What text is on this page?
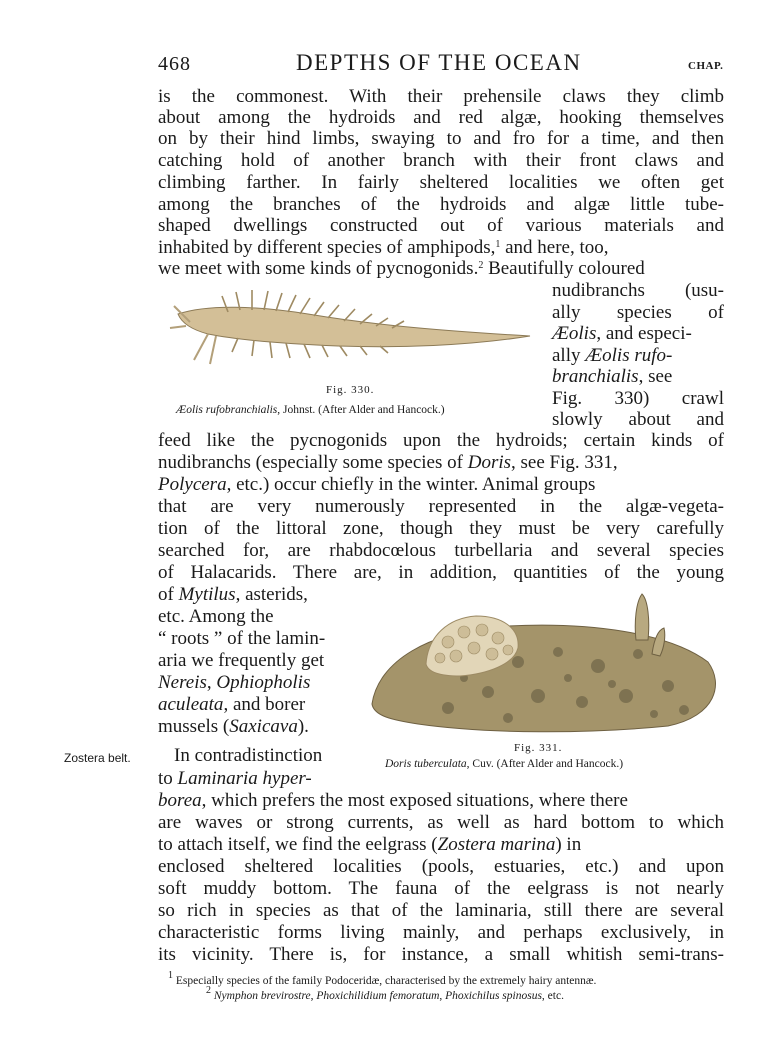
468	DEPTHS OF THE OCEAN	CHAP.
is the commonest. With their prehensile claws they climb
about among the hydroids and red algæ, hooking themselves
on by their hind limbs, swaying to and fro for a time, and then
catching hold of another branch with their front claws and
climbing farther. In fairly sheltered localities we often get
among the branches of the hydroids and algæ little tube-
shaped dwellings constructed out of various materials and
inhabited by different species of amphipods,$^1$ and here, too,
we meet with some kinds of pycnogonids.$^2$ Beautifully coloured
nudibranchs (usu-
ally species of
Æolis, and especi-
ally Æolis rufo-
branchialis, see
Fig. 330) crawl
slowly about and
feed like the pycnogonids upon the hydroids; certain kinds of
nudibranchs (especially some species of Doris, see Fig. 331,
Polycera, etc.) occur chiefly in the winter. Animal groups
that are very numerously represented in the algæ-vegeta-
tion of the littoral zone, though they must be very carefully
searched for, are rhabdocœlous turbellaria and several species
of Halacarids. There are, in addition, quantities of the young
of Mytilus, asterids,
etc. Among the
“ roots ” of the lamin-
aria we frequently get
Nereis, Ophiopholis
aculeata, and borer
mussels (Saxicava).
Fig. 330.
Æolis rufobranchialis, Johnst. (After Alder and Hancock.)
Fig. 331.
Doris tuberculata, Cuv. (After Alder and Hancock.)
Zostera belt. In contradistinction
to Laminaria hyper-
borea, which prefers the most exposed situations, where there
are waves or strong currents, as well as hard bottom to which
to attach itself, we find the eelgrass (Zostera marina) in
enclosed sheltered localities (pools, estuaries, etc.) and upon
soft muddy bottom. The fauna of the eelgrass is not nearly
so rich in species as that of the laminaria, still there are several
characteristic forms living mainly, and perhaps exclusively, in
its vicinity. There is, for instance, a small whitish semi-trans-
$^1$ Especially species of the family Podoceridæ, characterised by the extremely hairy antennæ.
$^2$ Nymphon brevirostre, Phoxichilidium femoratum, Phoxichilus spinosus, etc.
